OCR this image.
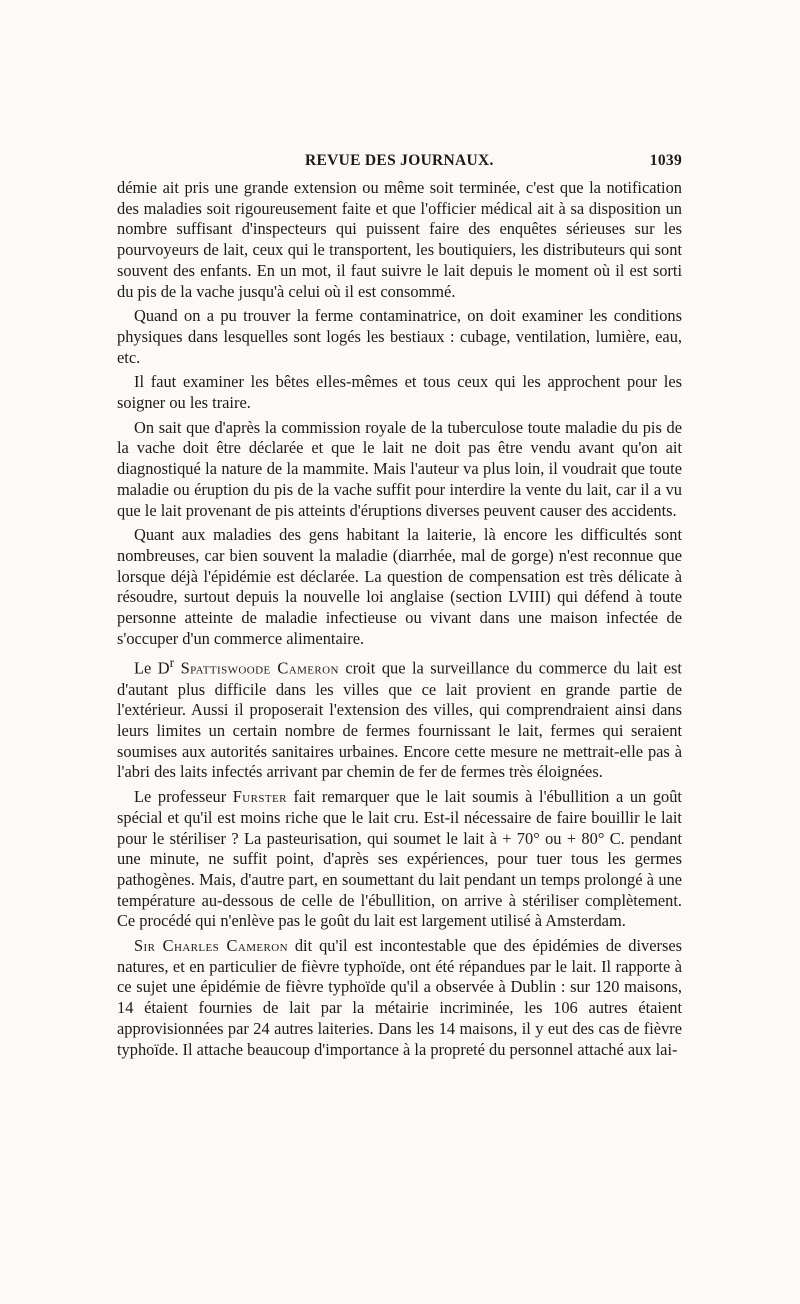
REVUE DES JOURNAUX.	1039

démie ait pris une grande extension ou même soit terminée, c'est que la notification des maladies soit rigoureusement faite et que l'officier médical ait à sa disposition un nombre suffisant d'inspecteurs qui puissent faire des enquêtes sérieuses sur les pourvoyeurs de lait, ceux qui le transportent, les boutiquiers, les distributeurs qui sont souvent des enfants. En un mot, il faut suivre le lait depuis le moment où il est sorti du pis de la vache jusqu'à celui où il est consommé.

Quand on a pu trouver la ferme contaminatrice, on doit examiner les conditions physiques dans lesquelles sont logés les bestiaux : cubage, ventilation, lumière, eau, etc.

Il faut examiner les bêtes elles-mêmes et tous ceux qui les approchent pour les soigner ou les traire.

On sait que d'après la commission royale de la tuberculose toute maladie du pis de la vache doit être déclarée et que le lait ne doit pas être vendu avant qu'on ait diagnostiqué la nature de la mammite. Mais l'auteur va plus loin, il voudrait que toute maladie ou éruption du pis de la vache suffit pour interdire la vente du lait, car il a vu que le lait provenant de pis atteints d'éruptions diverses peuvent causer des accidents.

Quant aux maladies des gens habitant la laiterie, là encore les difficultés sont nombreuses, car bien souvent la maladie (diarrhée, mal de gorge) n'est reconnue que lorsque déjà l'épidémie est déclarée. La question de compensation est très délicate à résoudre, surtout depuis la nouvelle loi anglaise (section LVIII) qui défend à toute personne atteinte de maladie infectieuse ou vivant dans une maison infectée de s'occuper d'un commerce alimentaire.

Le $D^r$ Spattiswoode Cameron croit que la surveillance du commerce du lait est d'autant plus difficile dans les villes que ce lait provient en grande partie de l'extérieur. Aussi il proposerait l'extension des villes, qui comprendraient ainsi dans leurs limites un certain nombre de fermes fournissant le lait, fermes qui seraient soumises aux autorités sanitaires urbaines. Encore cette mesure ne mettrait-elle pas à l'abri des laits infectés arrivant par chemin de fer de fermes très éloignées.

Le professeur Furster fait remarquer que le lait soumis à l'ébullition a un goût spécial et qu'il est moins riche que le lait cru. Est-il nécessaire de faire bouillir le lait pour le stériliser ? La pasteurisation, qui soumet le lait à + 70° ou + 80° C. pendant une minute, ne suffit point, d'après ses expériences, pour tuer tous les germes pathogènes. Mais, d'autre part, en soumettant du lait pendant un temps prolongé à une température au-dessous de celle de l'ébullition, on arrive à stériliser complètement. Ce procédé qui n'enlève pas le goût du lait est largement utilisé à Amsterdam.

Sir Charles Cameron dit qu'il est incontestable que des épidémies de diverses natures, et en particulier de fièvre typhoïde, ont été répandues par le lait. Il rapporte à ce sujet une épidémie de fièvre typhoïde qu'il a observée à Dublin : sur 120 maisons, 14 étaient fournies de lait par la métairie incriminée, les 106 autres étaient approvisionnées par 24 autres laiteries. Dans les 14 maisons, il y eut des cas de fièvre typhoïde. Il attache beaucoup d'importance à la propreté du personnel attaché aux lai-
